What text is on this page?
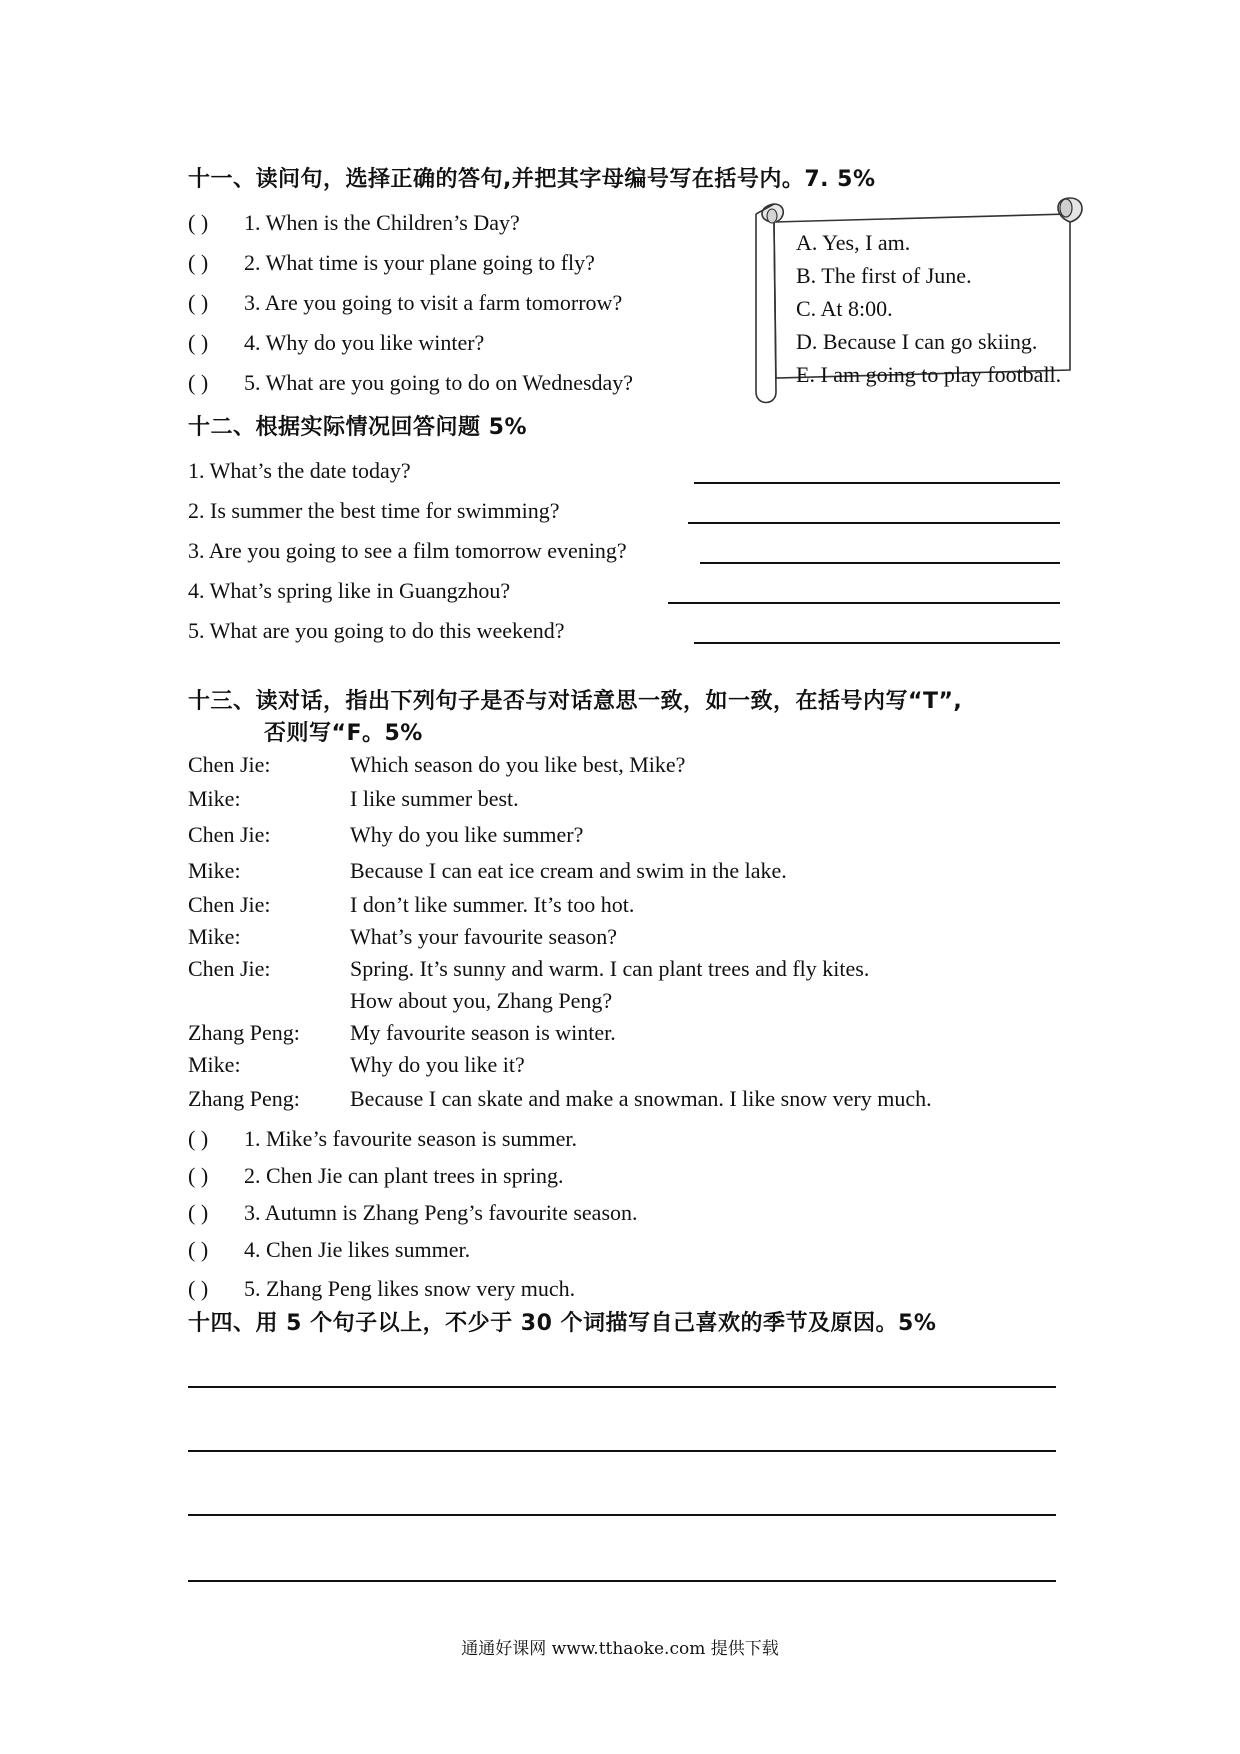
十一、读问句，选择正确的答句,并把其字母编号写在括号内。7. 5%
( ) 1. When is the Children’s Day?
( ) 2. What time is your plane going to fly?
( ) 3. Are you going to visit a farm tomorrow?
( ) 4. Why do you like winter?
( ) 5. What are you going to do on Wednesday?
A. Yes, I am.
B. The first of June.
C. At 8:00.
D. Because I can go skiing.
E. I am going to play football.
十二、根据实际情况回答问题 5%
1. What’s the date today?
2. Is summer the best time for swimming?
3. Are you going to see a film tomorrow evening?
4. What’s spring like in Guangzhou?
5. What are you going to do this weekend?
十三、读对话，指出下列句子是否与对话意思一致，如一致，在括号内写“T”,
否则写“F。5%
Chen Jie:	Which season do you like best, Mike?
Mike:	I like summer best.
Chen Jie:	Why do you like summer?
Mike:	Because I can eat ice cream and swim in the lake.
Chen Jie:	I don’t like summer. It’s too hot.
Mike:	What’s your favourite season?
Chen Jie:	Spring. It’s sunny and warm. I can plant trees and fly kites.
How about you, Zhang Peng?
Zhang Peng: My favourite season is winter.
Mike:	Why do you like it?
Zhang Peng: Because I can skate and make a snowman. I like snow very much.
( ) 1. Mike’s favourite season is summer.
( ) 2. Chen Jie can plant trees in spring.
( ) 3. Autumn is Zhang Peng’s favourite season.
( ) 4. Chen Jie likes summer.
( ) 5. Zhang Peng likes snow very much.
十四、用 5 个句子以上，不少于 30 个词描写自己喜欢的季节及原因。5%
通通好课网 www.tthaoke.com 提供下载
